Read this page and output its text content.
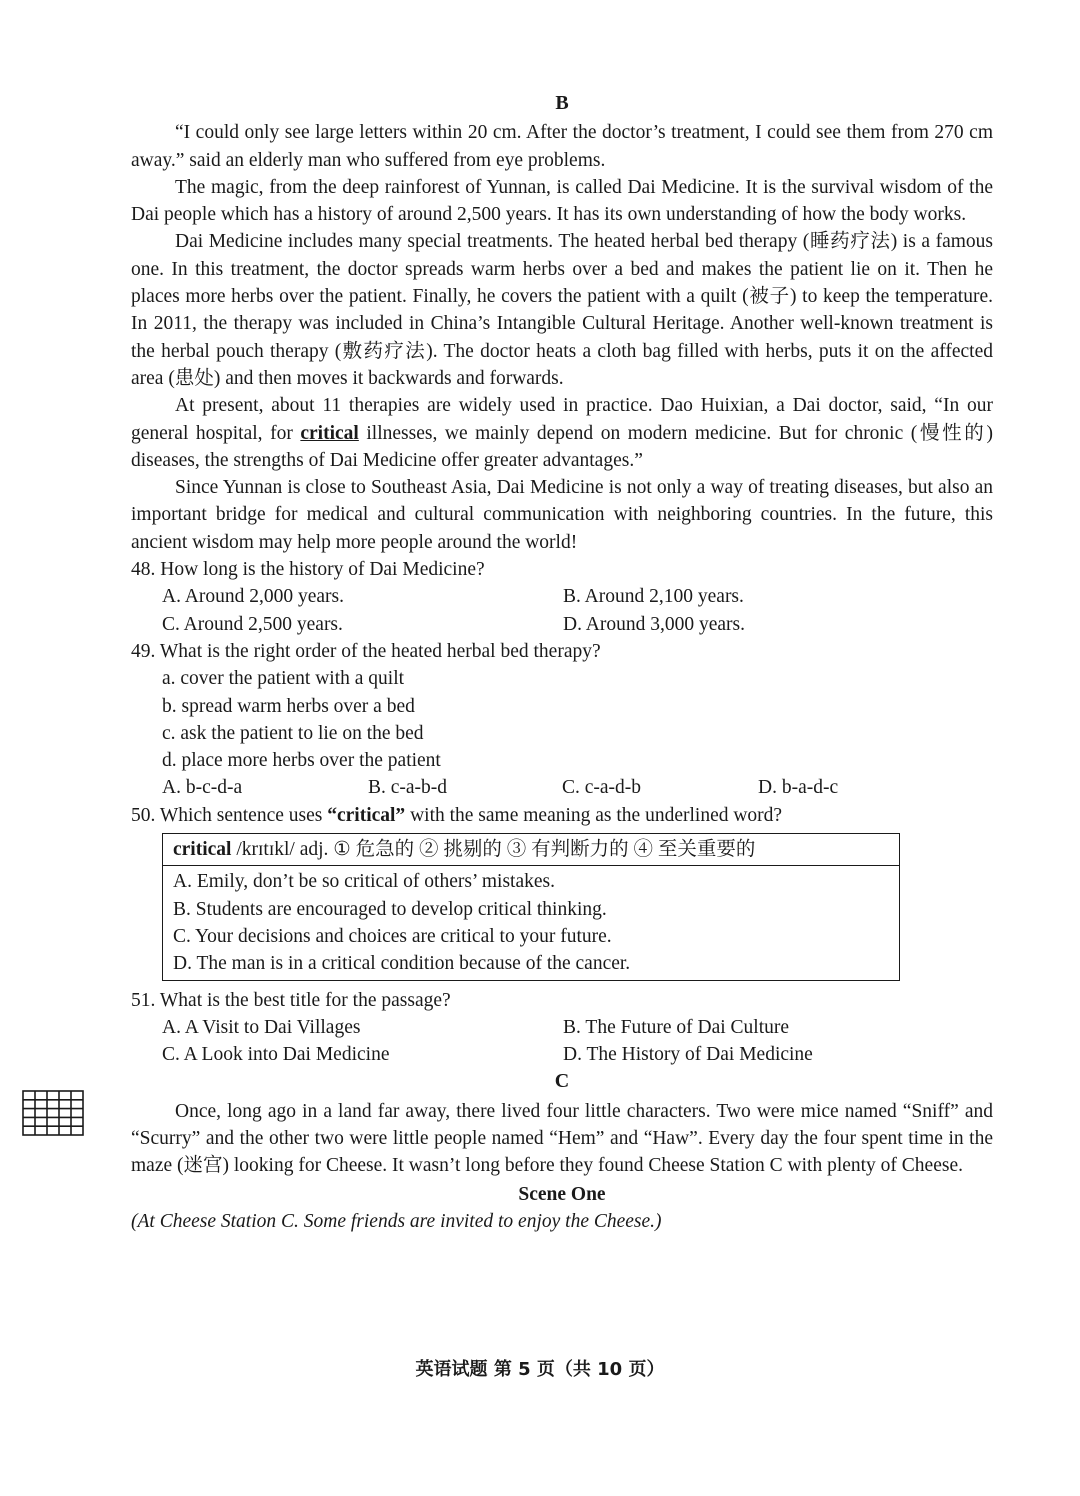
B

“I could only see large letters within 20 cm. After the doctor’s treatment, I could see them from 270 cm away.” said an elderly man who suffered from eye problems.

The magic, from the deep rainforest of Yunnan, is called Dai Medicine. It is the survival wisdom of the Dai people which has a history of around 2,500 years. It has its own understanding of how the body works.

Dai Medicine includes many special treatments. The heated herbal bed therapy (睡药疗法) is a famous one. In this treatment, the doctor spreads warm herbs over a bed and makes the patient lie on it. Then he places more herbs over the patient. Finally, he covers the patient with a quilt (被子) to keep the temperature. In 2011, the therapy was included in China’s Intangible Cultural Heritage. Another well-known treatment is the herbal pouch therapy (敷药疗法). The doctor heats a cloth bag filled with herbs, puts it on the affected area (患处) and then moves it backwards and forwards.

At present, about 11 therapies are widely used in practice. Dao Huixian, a Dai doctor, said, “In our general hospital, for critical illnesses, we mainly depend on modern medicine. But for chronic (慢性的) diseases, the strengths of Dai Medicine offer greater advantages.”

Since Yunnan is close to Southeast Asia, Dai Medicine is not only a way of treating diseases, but also an important bridge for medical and cultural communication with neighboring countries. In the future, this ancient wisdom may help more people around the world!

48. How long is the history of Dai Medicine?
A. Around 2,000 years.	B. Around 2,100 years.
C. Around 2,500 years.	D. Around 3,000 years.
49. What is the right order of the heated herbal bed therapy?
a. cover the patient with a quilt
b. spread warm herbs over a bed
c. ask the patient to lie on the bed
d. place more herbs over the patient
A. b-c-d-a	B. c-a-b-d	C. c-a-d-b	D. b-a-d-c
50. Which sentence uses “critical” with the same meaning as the underlined word?
critical /krɪtɪkl/ adj. ① 危急的 ② 挑剔的 ③ 有判断力的 ④ 至关重要的
A. Emily, don’t be so critical of others’ mistakes.
B. Students are encouraged to develop critical thinking.
C. Your decisions and choices are critical to your future.
D. The man is in a critical condition because of the cancer.
51. What is the best title for the passage?
A. A Visit to Dai Villages	B. The Future of Dai Culture
C. A Look into Dai Medicine	D. The History of Dai Medicine
C

Once, long ago in a land far away, there lived four little characters. Two were mice named “Sniff” and “Scurry” and the other two were little people named “Hem” and “Haw”. Every day the four spent time in the maze (迷宫) looking for Cheese. It wasn’t long before they found Cheese Station C with plenty of Cheese.

Scene One
(At Cheese Station C. Some friends are invited to enjoy the Cheese.)
英语试题 第 5 页（共 10 页）
